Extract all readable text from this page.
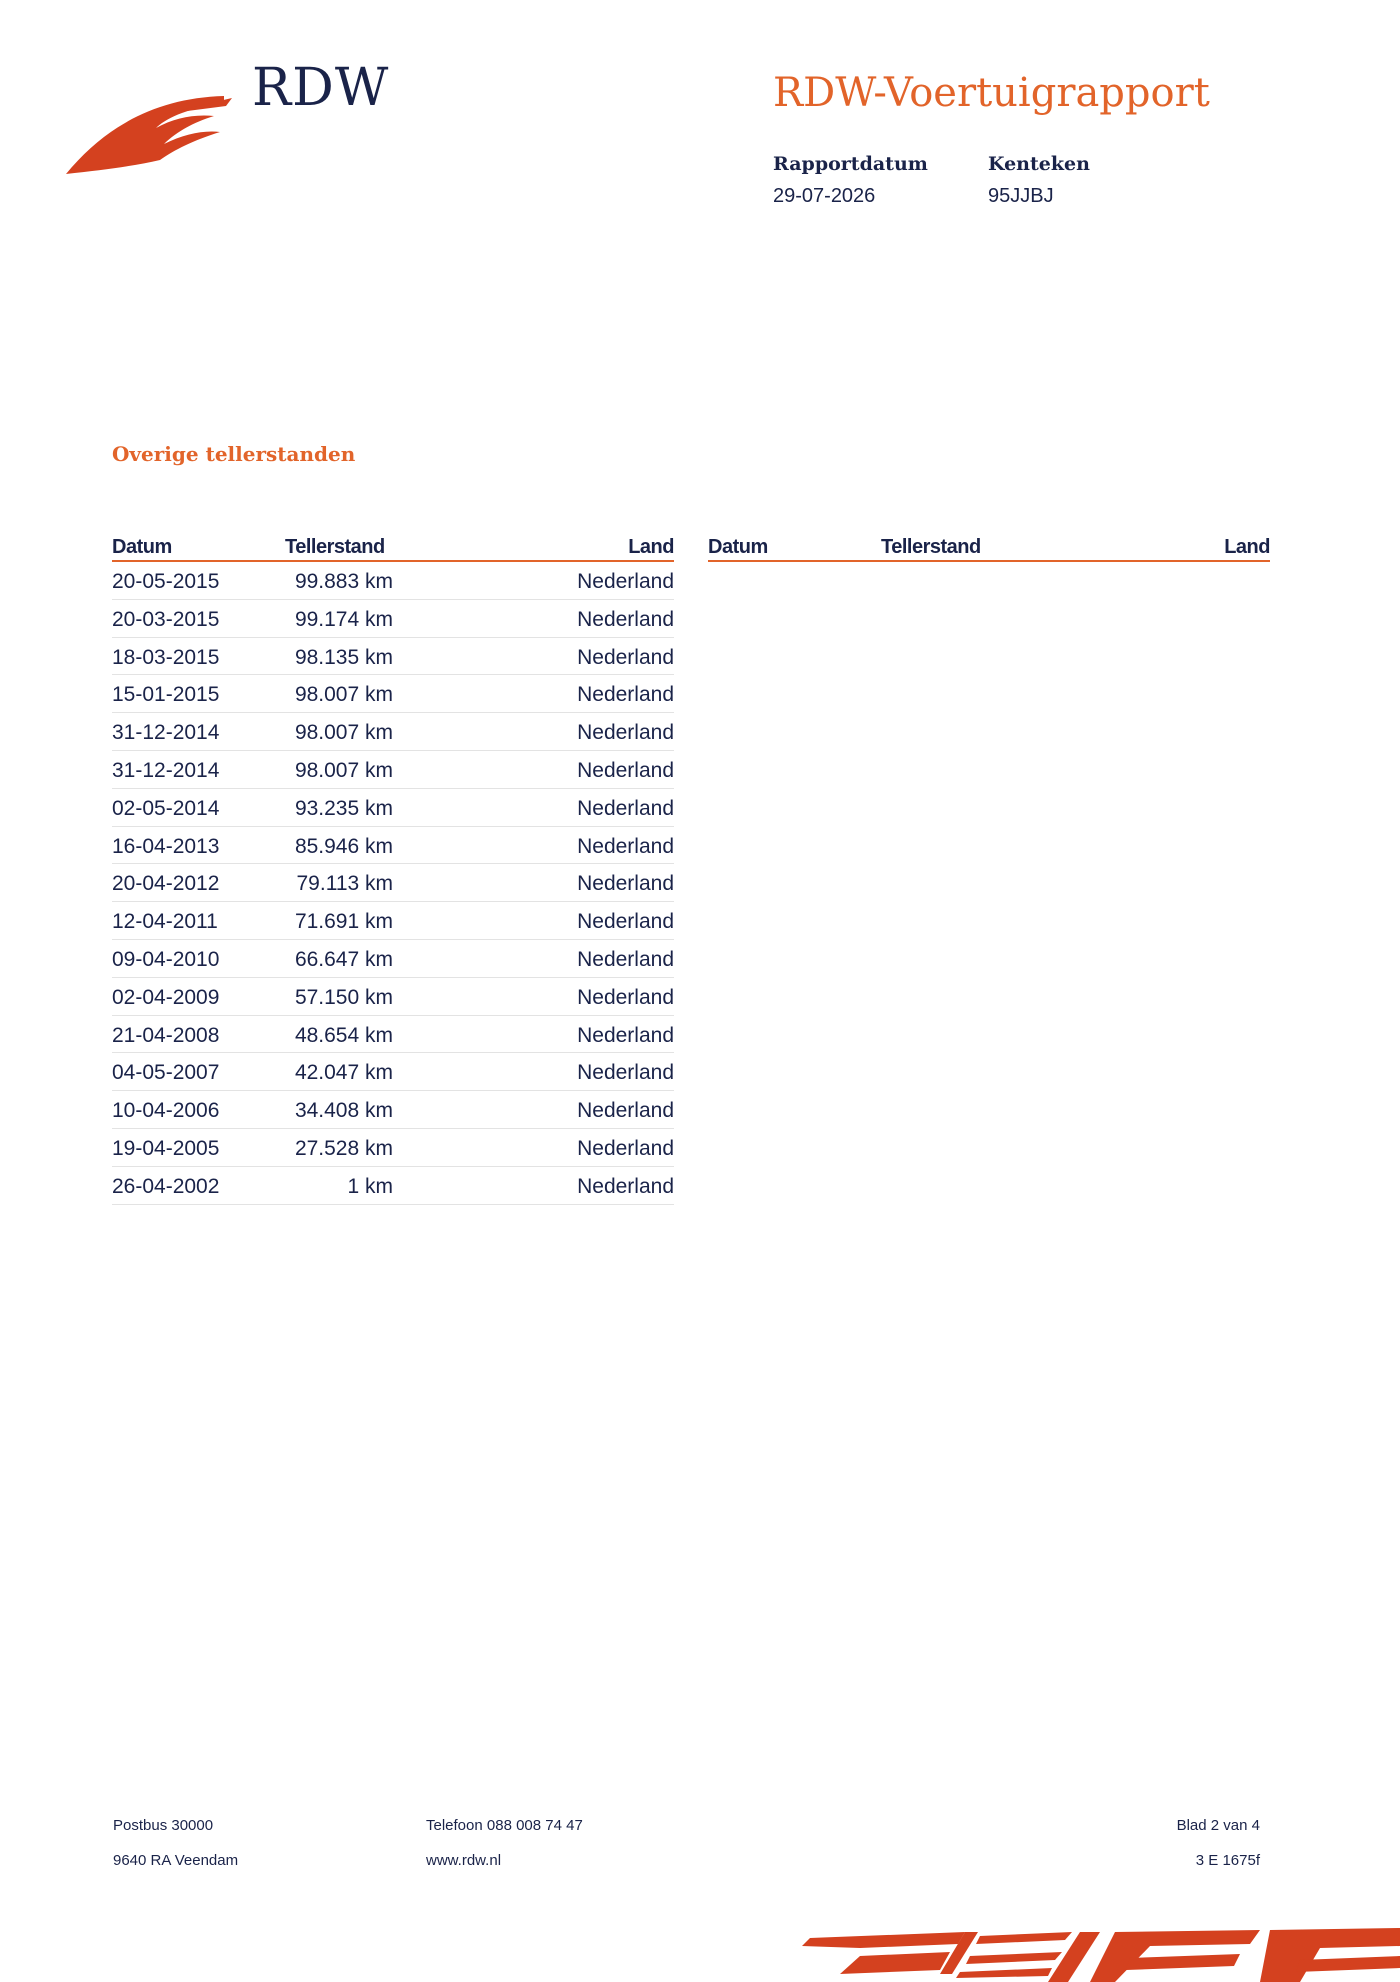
RDW	RDW-Voertuigrapport
Rapportdatum
29-07-2026
Kenteken
95JJBJ
Overige tellerstanden
Datum	Tellerstand	Land
20-05-2015	99.883 km	Nederland
20-03-2015	99.174 km	Nederland
18-03-2015	98.135 km	Nederland
15-01-2015	98.007 km	Nederland
31-12-2014	98.007 km	Nederland
31-12-2014	98.007 km	Nederland
02-05-2014	93.235 km	Nederland
16-04-2013	85.946 km	Nederland
20-04-2012	79.113 km	Nederland
12-04-2011	71.691 km	Nederland
09-04-2010	66.647 km	Nederland
02-04-2009	57.150 km	Nederland
21-04-2008	48.654 km	Nederland
04-05-2007	42.047 km	Nederland
10-04-2006	34.408 km	Nederland
19-04-2005	27.528 km	Nederland
26-04-2002	1 km	Nederland
Datum	Tellerstand	Land
Postbus 30000
9640 RA Veendam
Telefoon 088 008 74 47
www.rdw.nl
Blad 2 van 4
3 E 1675f
